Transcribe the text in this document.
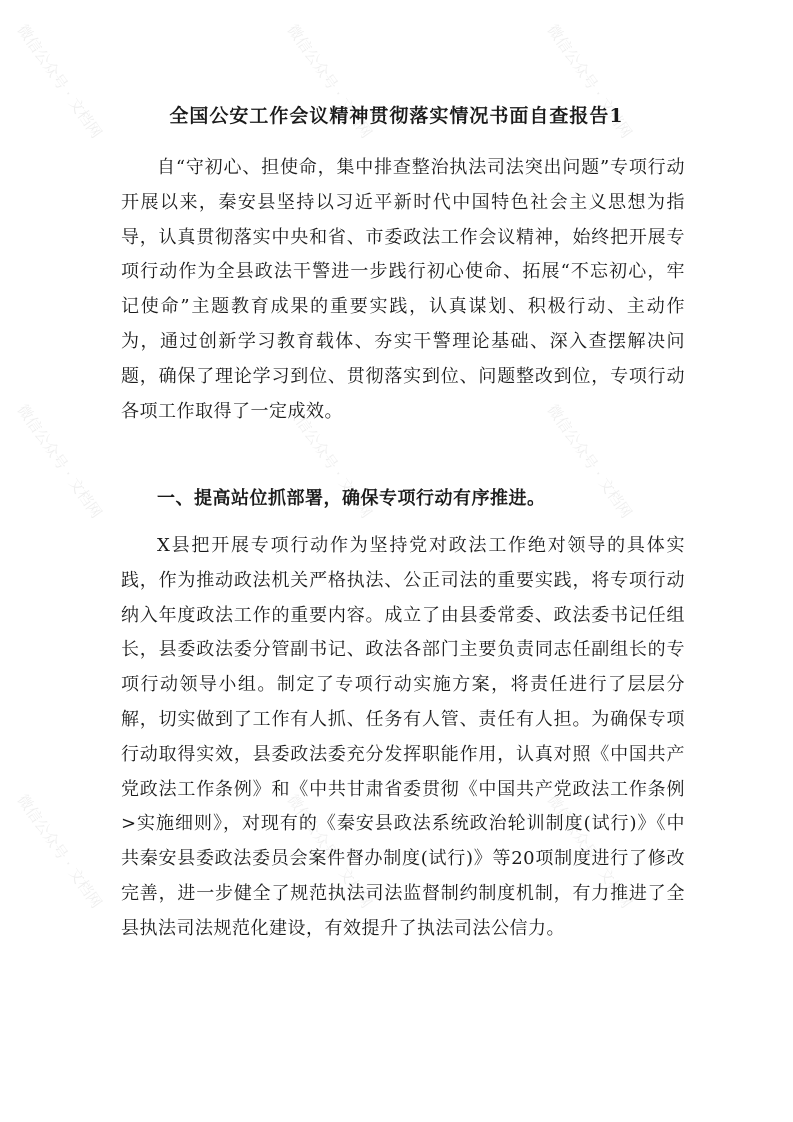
微信公众号 · 文档网	微信公众号 · 文档网	微信公众号 · 文档网
微信公众号 · 文档网	微信公众号 · 文档网	微信公众号 · 文档网
微信公众号 · 文档网	微信公众号 · 文档网	微信公众号 · 文档网
全国公安工作会议精神贯彻落实情况书面自查报告1

自“守初心、担使命，集中排查整治执法司法突出问题”专项行动开展以来，秦安县坚持以习近平新时代中国特色社会主义思想为指导，认真贯彻落实中央和省、市委政法工作会议精神，始终把开展专项行动作为全县政法干警进一步践行初心使命、拓展“不忘初心，牢记使命”主题教育成果的重要实践，认真谋划、积极行动、主动作为，通过创新学习教育载体、夯实干警理论基础、深入查摆解决问题，确保了理论学习到位、贯彻落实到位、问题整改到位，专项行动各项工作取得了一定成效。

一、提高站位抓部署，确保专项行动有序推进。

X县把开展专项行动作为坚持党对政法工作绝对领导的具体实践，作为推动政法机关严格执法、公正司法的重要实践，将专项行动纳入年度政法工作的重要内容。成立了由县委常委、政法委书记任组长，县委政法委分管副书记、政法各部门主要负责同志任副组长的专项行动领导小组。制定了专项行动实施方案，将责任进行了层层分解，切实做到了工作有人抓、任务有人管、责任有人担。为确保专项行动取得实效，县委政法委充分发挥职能作用，认真对照《中国共产党政法工作条例》和《中共甘肃省委贯彻《中国共产党政法工作条例>实施细则》，对现有的《秦安县政法系统政治轮训制度(试行)》《中共秦安县委政法委员会案件督办制度(试行)》等20项制度进行了修改完善，进一步健全了规范执法司法监督制约制度机制，有力推进了全县执法司法规范化建设，有效提升了执法司法公信力。
